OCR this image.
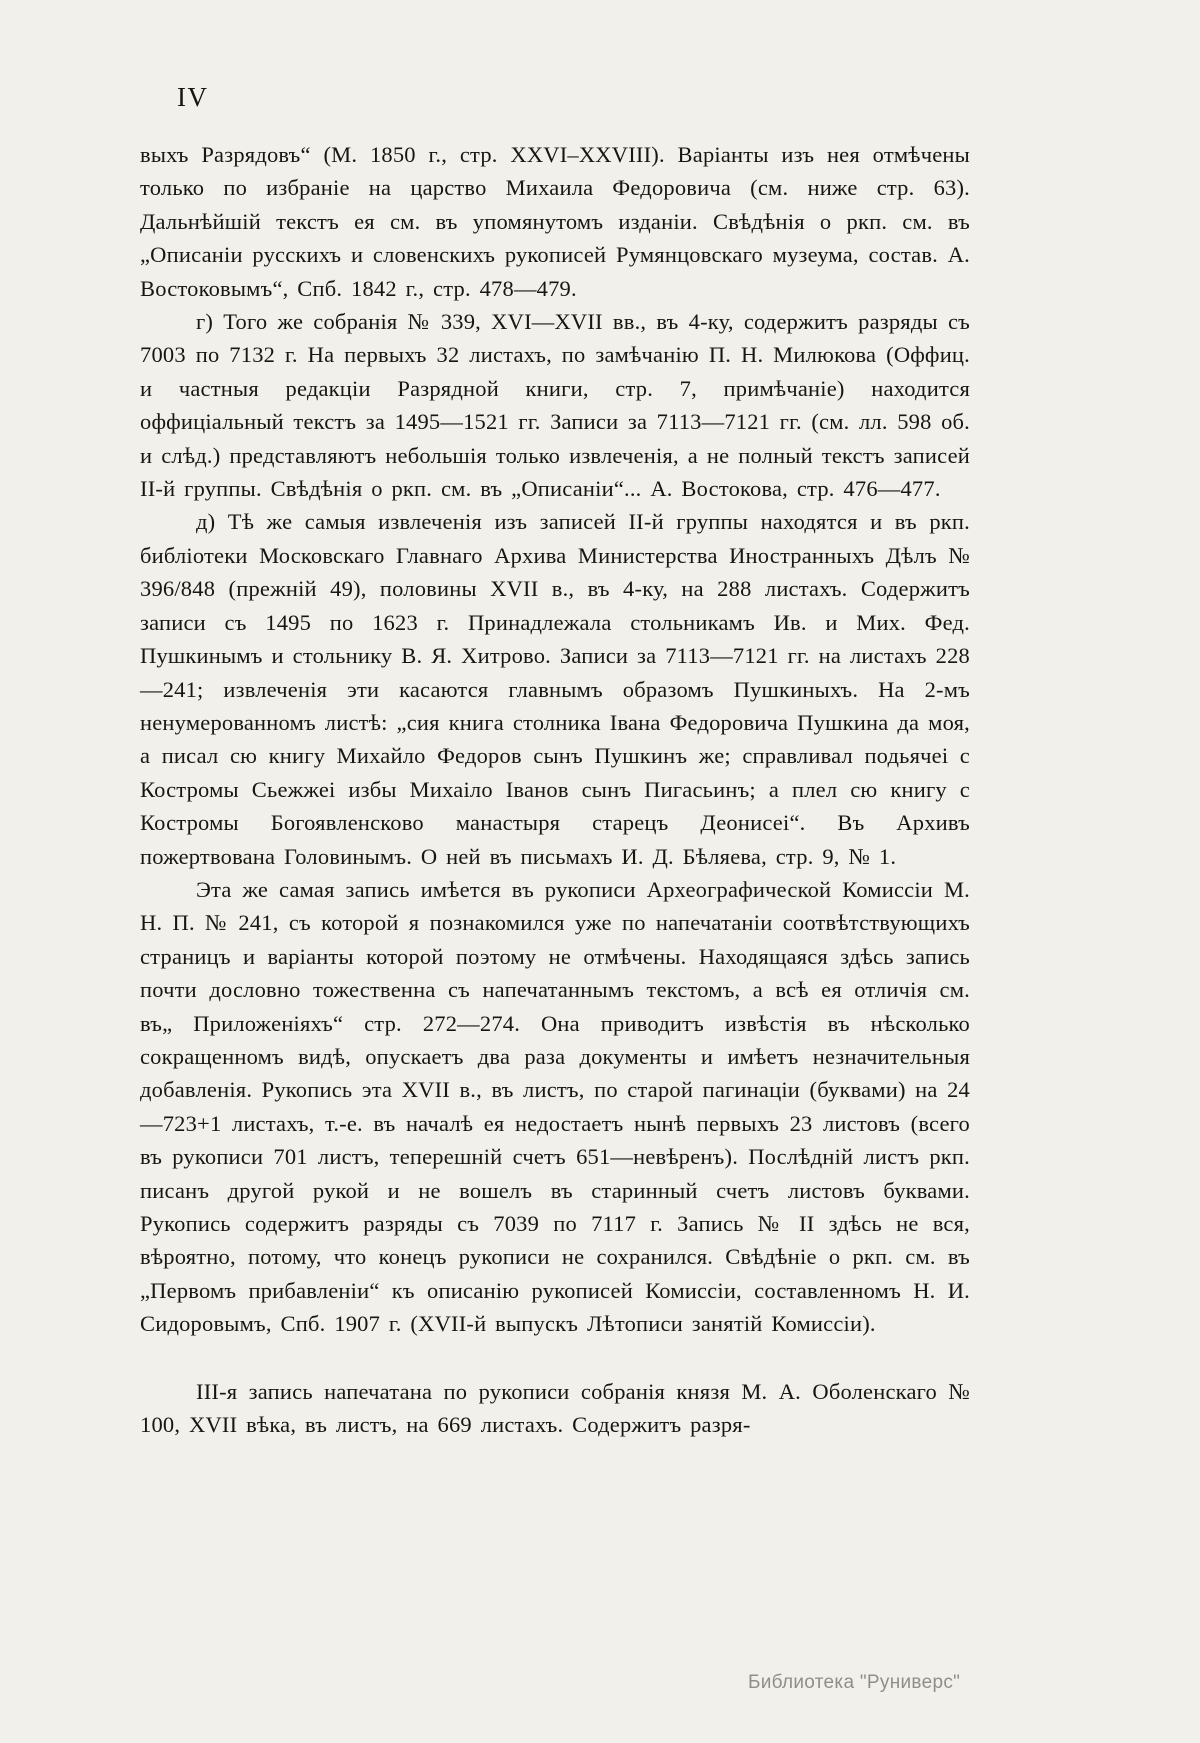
IV

выхъ Разрядовъ“ (М. 1850 г., стр. XXVI–XXVIII). Варіанты изъ нея отмѣчены только по избраніе на царство Михаила Федоровича (см. ниже стр. 63). Дальнѣйшій текстъ ея см. въ упомянутомъ изданіи. Свѣдѣнія о ркп. см. въ „Описаніи русскихъ и словенскихъ рукописей Румянцовскаго музеума, состав. А. Востоковымъ“, Спб. 1842 г., стр. 478—479.

г) Того же собранія № 339, XVI—XVII вв., въ 4-ку, содержитъ разряды съ 7003 по 7132 г. На первыхъ 32 листахъ, по замѣчанію П. Н. Милюкова (Оффиц. и частныя редакціи Разрядной книги, стр. 7, примѣчаніе) находится оффиціальный текстъ за 1495—1521 гг. Записи за 7113—7121 гг. (см. лл. 598 об. и слѣд.) представляютъ небольшія только извлеченія, а не полный текстъ записей ІІ-й группы. Свѣдѣнія о ркп. см. въ „Описаніи“... А. Востокова, стр. 476—477.

д) Тѣ же самыя извлеченія изъ записей ІІ-й группы находятся и въ ркп. библіотеки Московскаго Главнаго Архива Министерства Иностранныхъ Дѣлъ № 396/848 (прежній 49), половины XVII в., въ 4-ку, на 288 листахъ. Содержитъ записи съ 1495 по 1623 г. Принадлежала стольникамъ Ив. и Мих. Фед. Пушкинымъ и стольнику В. Я. Хитрово. Записи за 7113—7121 гг. на листахъ 228—241; извлеченія эти касаются главнымъ образомъ Пушкиныхъ. На 2-мъ ненумерованномъ листѣ: „сия книга столника Івана Федоровича Пушкина да моя, а писал сю книгу Михайло Федоров сынъ Пушкинъ же; справливал подьячеі с Костромы Сьежжеі избы Михаіло Іванов сынъ Пигасьинъ; а плел сю книгу с Костромы Богоявленсково манастыря старецъ Деонисеі“. Въ Архивъ пожертвована Головинымъ. О ней въ письмахъ И. Д. Бѣляева, стр. 9, № 1.

Эта же самая запись имѣется въ рукописи Археографической Комиссіи М. Н. П. № 241, съ которой я познакомился уже по напечатаніи соотвѣтствующихъ страницъ и варіанты которой поэтому не отмѣчены. Находящаяся здѣсь запись почти дословно тожественна съ напечатаннымъ текстомъ, а всѣ ея отличія см. въ„ Приложеніяхъ“ стр. 272—274. Она приводитъ извѣстія въ нѣсколько сокращенномъ видѣ, опускаетъ два раза документы и имѣетъ незначительныя добавленія. Рукопись эта XVII в., въ листъ, по старой пагинаціи (буквами) на 24—723+1 листахъ, т.-е. въ началѣ ея недостаетъ нынѣ первыхъ 23 листовъ (всего въ рукописи 701 листъ, теперешній счетъ 651—невѣренъ). Послѣдній листъ ркп. писанъ другой рукой и не вошелъ въ старинный счетъ листовъ буквами. Рукопись содержитъ разряды съ 7039 по 7117 г. Запись № II здѣсь не вся, вѣроятно, потому, что конецъ рукописи не сохранился. Свѣдѣніе о ркп. см. въ „Первомъ прибавленіи“ къ описанію рукописей Комиссіи, составленномъ Н. И. Сидоровымъ, Спб. 1907 г. (XVII-й выпускъ Лѣтописи занятій Комиссіи).

ІІІ-я запись напечатана по рукописи собранія князя М. А. Оболенскаго № 100, XVII вѣка, въ листъ, на 669 листахъ. Содержитъ разря-

Библиотека "Руниверс"
